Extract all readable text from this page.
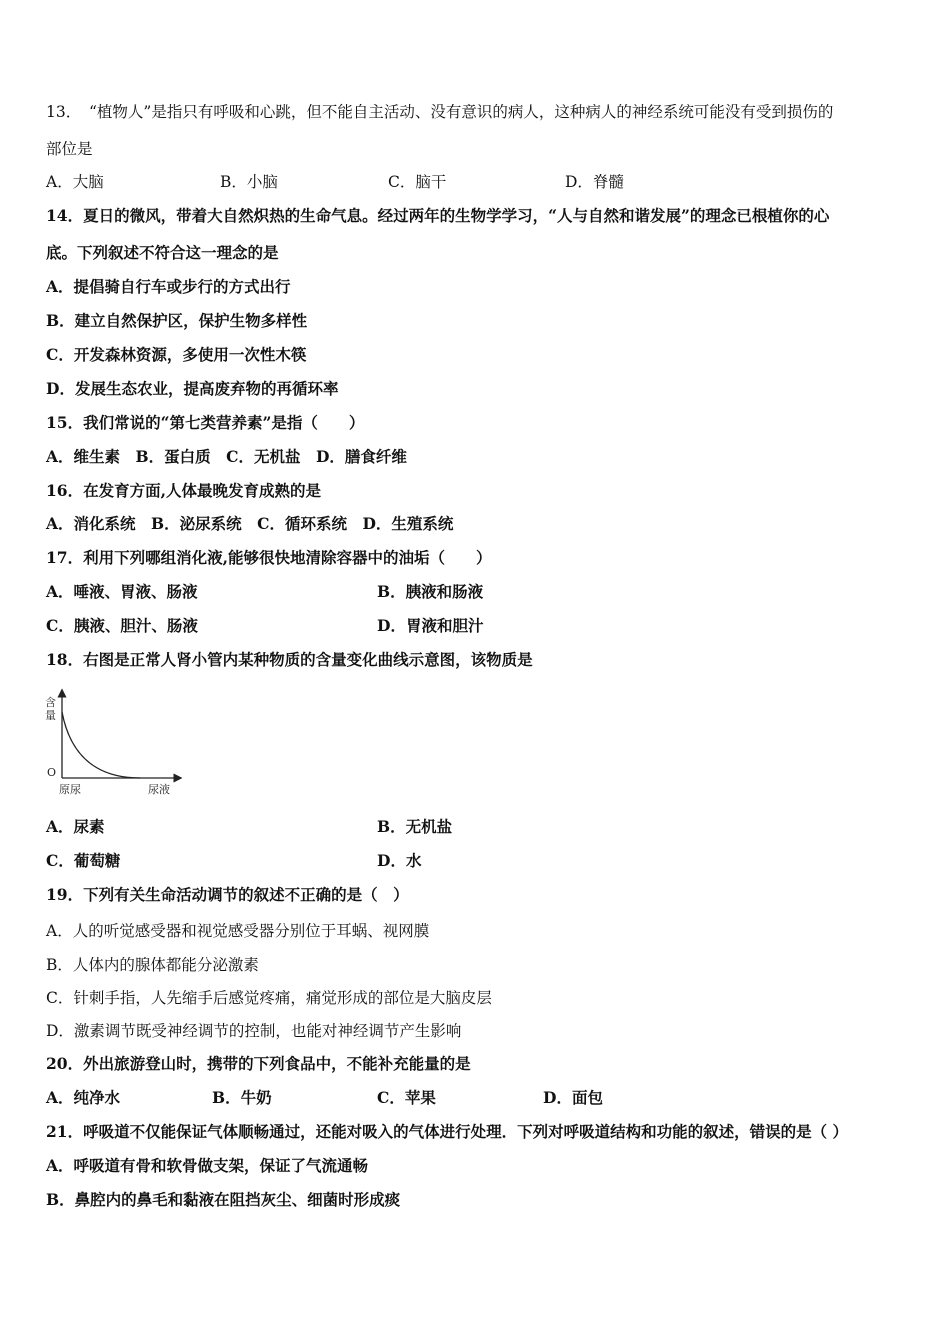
13．　“植物人”是指只有呼吸和心跳，但不能自主活动、没有意识的病人，这种病人的神经系统可能没有受到损伤的
部位是
A．大脑	B．小脑	C．脑干	D．脊髓
14．夏日的微风，带着大自然炽热的生命气息。经过两年的生物学学习，“人与自然和谐发展”的理念已根植你的心
底。下列叙述不符合这一理念的是
A．提倡骑自行车或步行的方式出行
B．建立自然保护区，保护生物多样性
C．开发森林资源，多使用一次性木筷
D．发展生态农业，提高废弃物的再循环率
15．我们常说的“第七类营养素”是指（　　）
A．维生素　B．蛋白质　C．无机盐　D．膳食纤维
16．在发育方面,人体最晚发育成熟的是
A．消化系统　B．泌尿系统　C．循环系统　D．生殖系统
17．利用下列哪组消化液,能够很快地清除容器中的油垢（　　）
A．唾液、胃液、肠液	B．胰液和肠液
C．胰液、胆汁、肠液	D．胃液和胆汁
18．右图是正常人肾小管内某种物质的含量变化曲线示意图，该物质是
含
量
O
原尿	尿液
A．尿素	B．无机盐
C．葡萄糖	D．水
19．下列有关生命活动调节的叙述不正确的是（　）
A．人的听觉感受器和视觉感受器分别位于耳蜗、视网膜
B．人体内的腺体都能分泌激素
C．针刺手指，人先缩手后感觉疼痛，痛觉形成的部位是大脑皮层
D．激素调节既受神经调节的控制，也能对神经调节产生影响
20．外出旅游登山时，携带的下列食品中，不能补充能量的是
A．纯净水	B．牛奶	C．苹果	D．面包
21．呼吸道不仅能保证气体顺畅通过，还能对吸入的气体进行处理．下列对呼吸道结构和功能的叙述，错误的是（ ）
A．呼吸道有骨和软骨做支架，保证了气流通畅
B．鼻腔内的鼻毛和黏液在阻挡灰尘、细菌时形成痰
